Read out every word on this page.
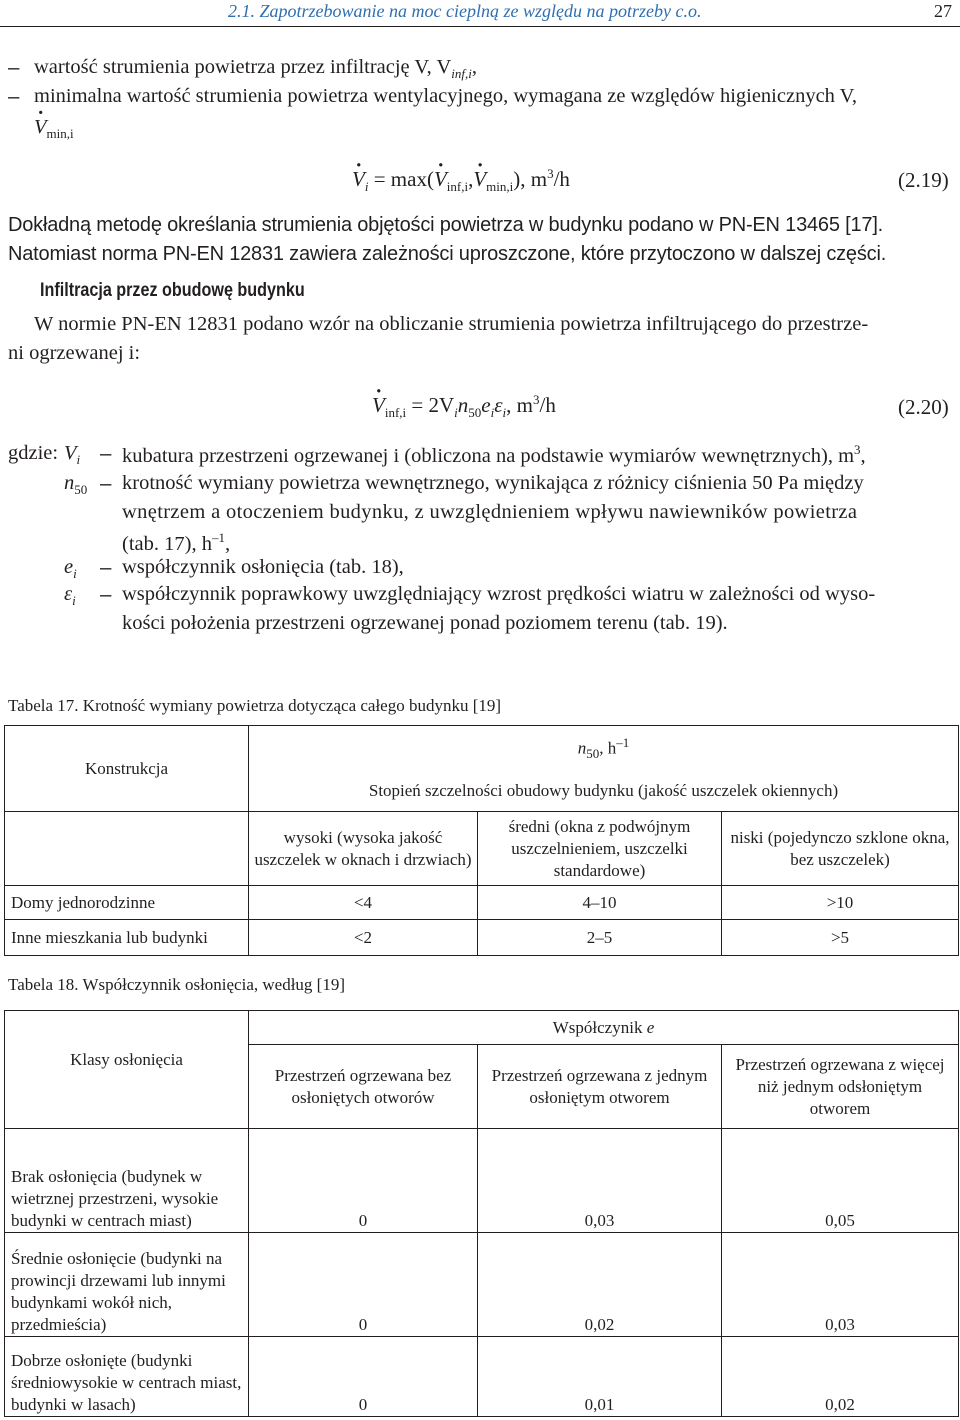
2.1. Zapotrzebowanie na moc cieplną ze względu na potrzeby c.o.	27
– wartość strumienia powietrza przez infiltrację V, $V_{inf,i}$,
– minimalna wartość strumienia powietrza wentylacyjnego, wymagana ze względów higienicznych V,
· $V_{min,i}$
· $V_i = \max(\cdot V_{inf,i},\cdot V_{min,i})$, $m^3/h$	(2.19)
Dokładną metodę określania strumienia objętości powietrza w budynku podano w PN-EN 13465 [17].
Natomiast norma PN-EN 12831 zawiera zależności uproszczone, które przytoczono w dalszej części.
Infiltracja przez obudowę budynku
W normie PN-EN 12831 podano wzór na obliczanie strumienia powietrza infiltrującego do przestrze-
ni ogrzewanej i:
· $V_{inf,i} = 2V_in_{50}e_i\varepsilon_i$, $m^3/h$	(2.20)
gdzie: $V_i$ – kubatura przestrzeni ogrzewanej i (obliczona na podstawie wymiarów wewnętrznych), $m^3$,
$n_{50}$ – krotność wymiany powietrza wewnętrznego, wynikająca z różnicy ciśnienia 50 Pa między
wnętrzem a otoczeniem budynku, z uwzględnieniem wpływu nawiewników powietrza
(tab. 17), $h^{-1}$,
$e_i$ – współczynnik osłonięcia (tab. 18),
$\varepsilon_i$ – współczynnik poprawkowy uwzględniający wzrost prędkości wiatru w zależności od wyso-
kości położenia przestrzeni ogrzewanej ponad poziomem terenu (tab. 19).
Tabela 17. Krotność wymiany powietrza dotycząca całego budynku [19]
Konstrukcja	$n_{50}$, $h^{-1}$
	Stopień szczelności obudowy budynku (jakość uszczelek okiennych)		
	wysoki (wysoka jakość uszczelek w oknach i drzwiach)	średni (okna z podwójnym uszczelnieniem, uszczelki standardowe)	niski (pojedynczo szklone okna, bez uszczelek)
Domy jednorodzinne	<4	4–10	>10
Inne mieszkania lub budynki	<2	2–5	>5
Tabela 18. Współczynnik osłonięcia, według [19]
Klasy osłonięcia	Współczynik e		
	Przestrzeń ogrzewana bez osłoniętych otworów	Przestrzeń ogrzewana z jednym osłoniętym otworem	Przestrzeń ogrzewana z więcej niż jednym odsłoniętym otworem
Brak osłonięcia (budynek w wietrznej przestrzeni, wysokie budynki w centrach miast)	0	0,03	0,05
Średnie osłonięcie (budynki na prowincji drzewami lub innymi budynkami wokół nich, przedmieścia)	0	0,02	0,03
Dobrze osłonięte (budynki średniowysokie w centrach miast, budynki w lasach)	0	0,01	0,02
